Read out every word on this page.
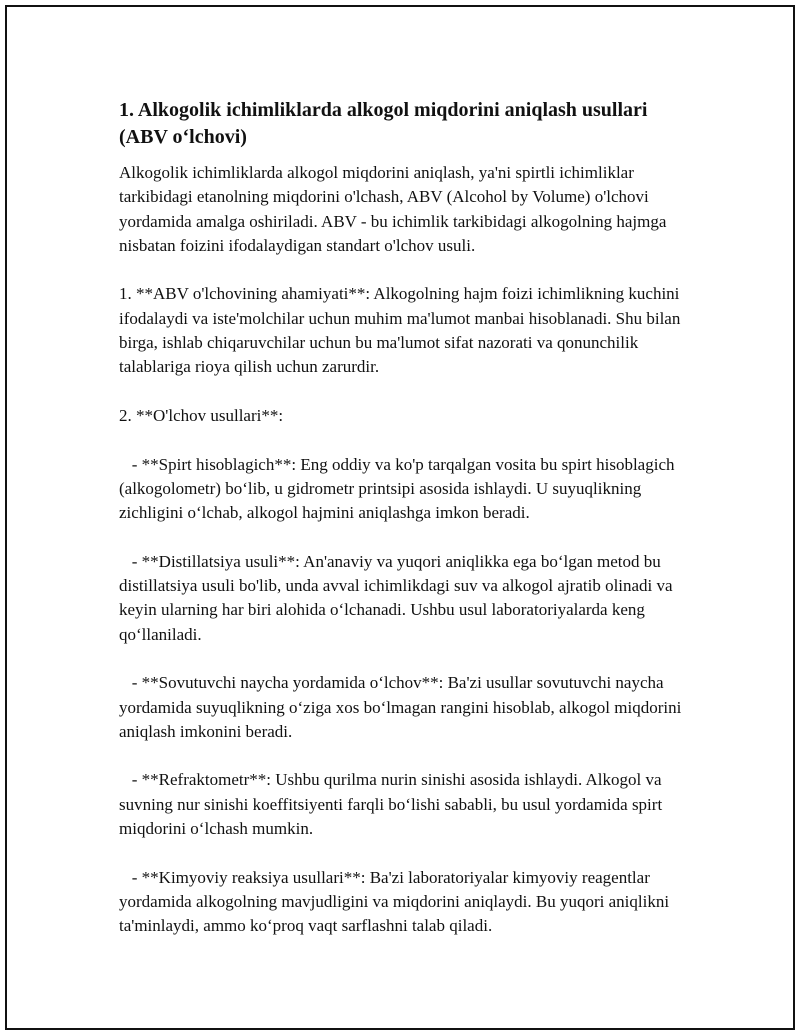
1. Alkogolik ichimliklarda alkogol miqdorini aniqlash usullari (ABV o‘lchovi)

Alkogolik ichimliklarda alkogol miqdorini aniqlash, ya'ni spirtli ichimliklar tarkibidagi etanolning miqdorini o'lchash, ABV (Alcohol by Volume) o'lchovi yordamida amalga oshiriladi. ABV - bu ichimlik tarkibidagi alkogolning hajmga nisbatan foizini ifodalaydigan standart o'lchov usuli.

1. **ABV o'lchovining ahamiyati**: Alkogolning hajm foizi ichimlikning kuchini ifodalaydi va iste'molchilar uchun muhim ma'lumot manbai hisoblanadi. Shu bilan birga, ishlab chiqaruvchilar uchun bu ma'lumot sifat nazorati va qonunchilik talablariga rioya qilish uchun zarurdir.

2. **O'lchov usullari**:

- **Spirt hisoblagich**: Eng oddiy va ko'p tarqalgan vosita bu spirt hisoblagich (alkogolometr) bo‘lib, u gidrometr printsipi asosida ishlaydi. U suyuqlikning zichligini o‘lchab, alkogol hajmini aniqlashga imkon beradi.

- **Distillatsiya usuli**: An'anaviy va yuqori aniqlikka ega bo‘lgan metod bu distillatsiya usuli bo'lib, unda avval ichimlikdagi suv va alkogol ajratib olinadi va keyin ularning har biri alohida o‘lchanadi. Ushbu usul laboratoriyalarda keng qo‘llaniladi.

- **Sovutuvchi naycha yordamida o‘lchov**: Ba'zi usullar sovutuvchi naycha yordamida suyuqlikning o‘ziga xos bo‘lmagan rangini hisoblab, alkogol miqdorini aniqlash imkonini beradi.

- **Refraktometr**: Ushbu qurilma nurin sinishi asosida ishlaydi. Alkogol va suvning nur sinishi koeffitsiyenti farqli bo‘lishi sababli, bu usul yordamida spirt miqdorini o‘lchash mumkin.

- **Kimyoviy reaksiya usullari**: Ba'zi laboratoriyalar kimyoviy reagentlar yordamida alkogolning mavjudligini va miqdorini aniqlaydi. Bu yuqori aniqlikni ta'minlaydi, ammo ko‘proq vaqt sarflashni talab qiladi.
